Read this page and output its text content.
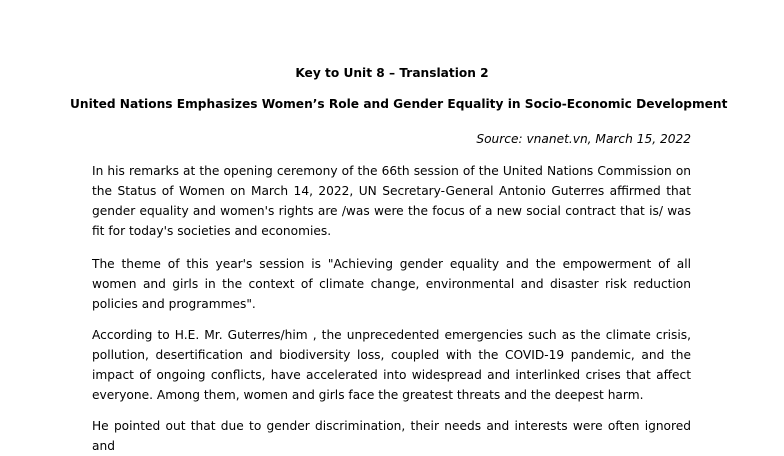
Key to Unit 8 – Translation 2
United Nations Emphasizes Women’s Role and Gender Equality in Socio-Economic Development
Source: vnanet.vn, March 15, 2022

In his remarks at the opening ceremony of the 66th session of the United Nations Commission on the Status of Women on March 14, 2022, UN Secretary-General Antonio Guterres affirmed that gender equality and women's rights are /was were the focus of a new social contract that is/ was fit for today's societies and economies.

The theme of this year's session is "Achieving gender equality and the empowerment of all women and girls in the context of climate change, environmental and disaster risk reduction policies and programmes".

According to H.E. Mr. Guterres/him , the unprecedented emergencies such as the climate crisis, pollution, desertification and biodiversity loss, coupled with the COVID-19 pandemic, and the impact of ongoing conflicts, have accelerated into widespread and interlinked crises that affect everyone. Among them, women and girls face the greatest threats and the deepest harm.

He pointed out that due to gender discrimination, their needs and interests were often ignored and
